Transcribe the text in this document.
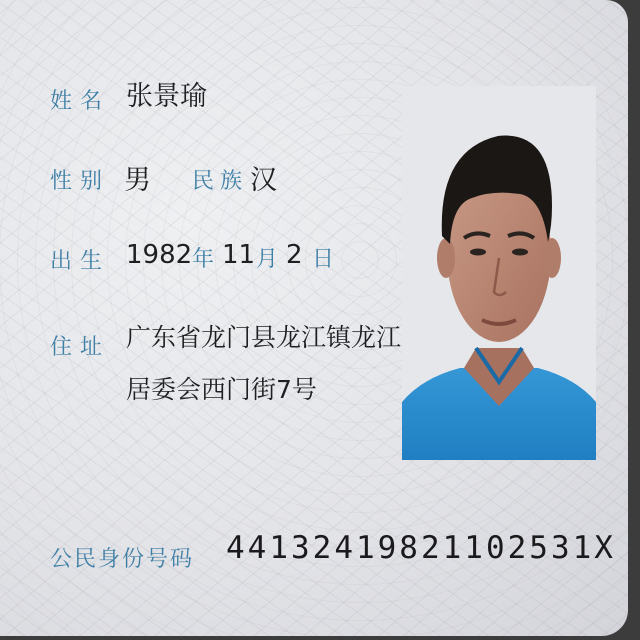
姓名 张景瑜
性别 男 民族 汉
出生 1982 年 11 月 2 日
住址 广东省龙门县龙江镇龙江
居委会西门街7号
公民身份号码 44132419821102531X
